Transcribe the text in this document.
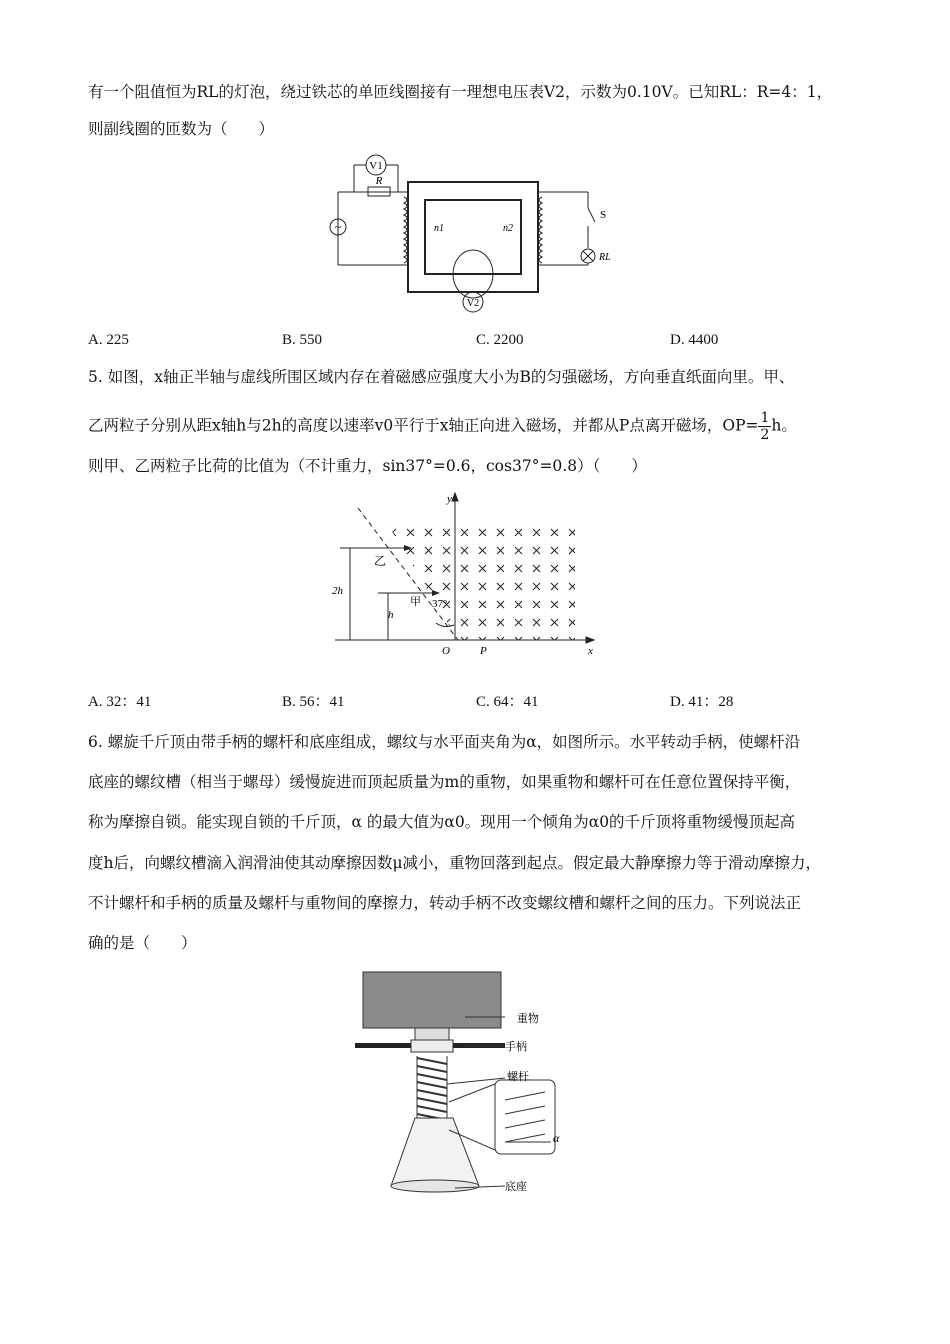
有一个阻值恒为RL的灯泡，绕过铁芯的单匝线圈接有一理想电压表V2，示数为0.10V。已知RL：R=4：1，
则副线圈的匝数为（　　）
~
V1
R
n1	n2
S
RL
V2
A. 225	B. 550	C. 2200	D. 4400
5. 如图，x轴正半轴与虚线所围区域内存在着磁感应强度大小为B的匀强磁场，方向垂直纸面向里。甲、
乙两粒子分别从距x轴h与2h的高度以速率v0平行于x轴正向进入磁场，并都从P点离开磁场，$OP= \frac{1}{2}$ h。
则甲、乙两粒子比荷的比值为（不计重力，sin37°=0.6，cos37°=0.8）（　　）
y
x
O	P
2h
h
乙
甲 37°
A. 32：41	B. 56：41	C. 64：41	D. 41：28
6. 螺旋千斤顶由带手柄的螺杆和底座组成，螺纹与水平面夹角为α，如图所示。水平转动手柄，使螺杆沿
底座的螺纹槽（相当于螺母）缓慢旋进而顶起质量为m的重物，如果重物和螺杆可在任意位置保持平衡，
称为摩擦自锁。能实现自锁的千斤顶，α 的最大值为α0。现用一个倾角为α0的千斤顶将重物缓慢顶起高
度h后，向螺纹槽滴入润滑油使其动摩擦因数μ减小，重物回落到起点。假定最大静摩擦力等于滑动摩擦力，
不计螺杆和手柄的质量及螺杆与重物间的摩擦力，转动手柄不改变螺纹槽和螺杆之间的压力。下列说法正
确的是（　　）
重物
手柄
螺杆
底座
α
